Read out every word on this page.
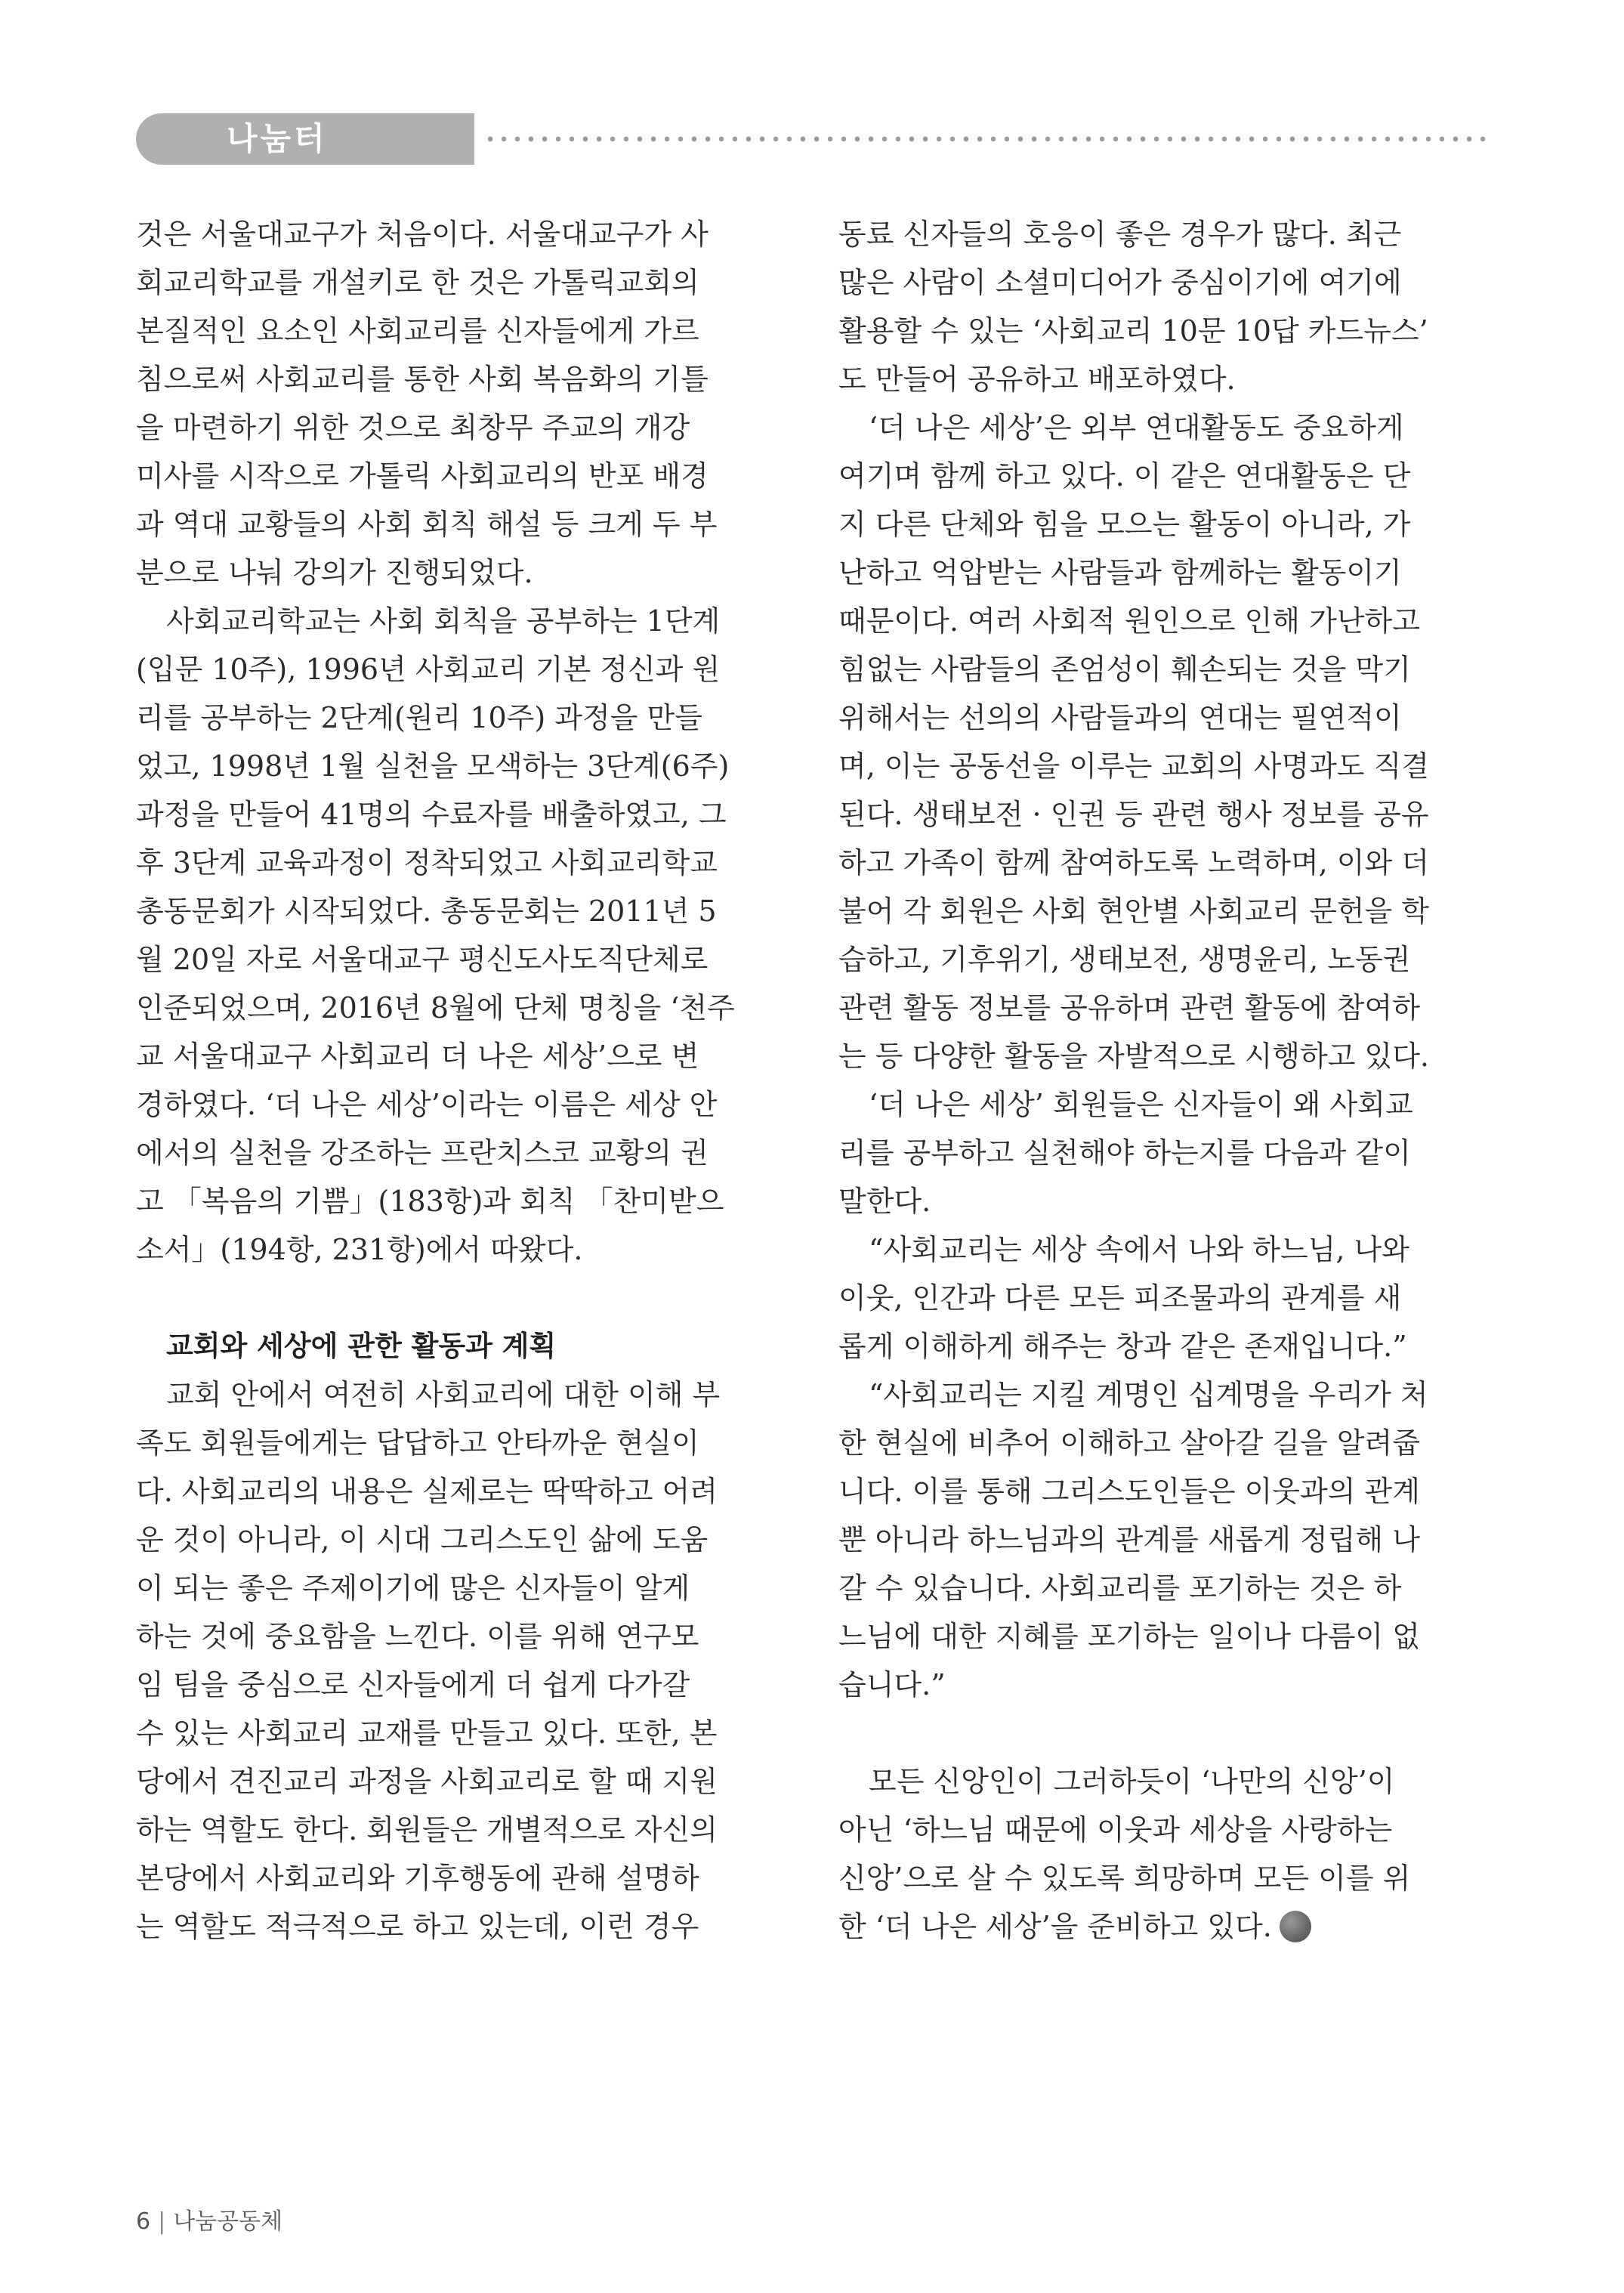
나눔터
것은 서울대교구가 처음이다. 서울대교구가 사
회교리학교를 개설키로 한 것은 가톨릭교회의
본질적인 요소인 사회교리를 신자들에게 가르
침으로써 사회교리를 통한 사회 복음화의 기틀
을 마련하기 위한 것으로 최창무 주교의 개강
미사를 시작으로 가톨릭 사회교리의 반포 배경
과 역대 교황들의 사회 회칙 해설 등 크게 두 부
분으로 나눠 강의가 진행되었다.
사회교리학교는 사회 회칙을 공부하는 1단계
(입문 10주), 1996년 사회교리 기본 정신과 원
리를 공부하는 2단계(원리 10주) 과정을 만들
었고, 1998년 1월 실천을 모색하는 3단계(6주)
과정을 만들어 41명의 수료자를 배출하였고, 그
후 3단계 교육과정이 정착되었고 사회교리학교
총동문회가 시작되었다. 총동문회는 2011년 5
월 20일 자로 서울대교구 평신도사도직단체로
인준되었으며, 2016년 8월에 단체 명칭을 ‘천주
교 서울대교구 사회교리 더 나은 세상’으로 변
경하였다. ‘더 나은 세상’이라는 이름은 세상 안
에서의 실천을 강조하는 프란치스코 교황의 권
고 「복음의 기쁨」(183항)과 회칙 「찬미받으
소서」(194항, 231항)에서 따왔다.
교회와 세상에 관한 활동과 계획
교회 안에서 여전히 사회교리에 대한 이해 부
족도 회원들에게는 답답하고 안타까운 현실이
다. 사회교리의 내용은 실제로는 딱딱하고 어려
운 것이 아니라, 이 시대 그리스도인 삶에 도움
이 되는 좋은 주제이기에 많은 신자들이 알게
하는 것에 중요함을 느낀다. 이를 위해 연구모
임 팀을 중심으로 신자들에게 더 쉽게 다가갈
수 있는 사회교리 교재를 만들고 있다. 또한, 본
당에서 견진교리 과정을 사회교리로 할 때 지원
하는 역할도 한다. 회원들은 개별적으로 자신의
본당에서 사회교리와 기후행동에 관해 설명하
는 역할도 적극적으로 하고 있는데, 이런 경우
동료 신자들의 호응이 좋은 경우가 많다. 최근
많은 사람이 소셜미디어가 중심이기에 여기에
활용할 수 있는 ‘사회교리 10문 10답 카드뉴스’
도 만들어 공유하고 배포하였다.
‘더 나은 세상’은 외부 연대활동도 중요하게
여기며 함께 하고 있다. 이 같은 연대활동은 단
지 다른 단체와 힘을 모으는 활동이 아니라, 가
난하고 억압받는 사람들과 함께하는 활동이기
때문이다. 여러 사회적 원인으로 인해 가난하고
힘없는 사람들의 존엄성이 훼손되는 것을 막기
위해서는 선의의 사람들과의 연대는 필연적이
며, 이는 공동선을 이루는 교회의 사명과도 직결
된다. 생태보전 · 인권 등 관련 행사 정보를 공유
하고 가족이 함께 참여하도록 노력하며, 이와 더
불어 각 회원은 사회 현안별 사회교리 문헌을 학
습하고, 기후위기, 생태보전, 생명윤리, 노동권
관련 활동 정보를 공유하며 관련 활동에 참여하
는 등 다양한 활동을 자발적으로 시행하고 있다.
‘더 나은 세상’ 회원들은 신자들이 왜 사회교
리를 공부하고 실천해야 하는지를 다음과 같이
말한다.
“사회교리는 세상 속에서 나와 하느님, 나와
이웃, 인간과 다른 모든 피조물과의 관계를 새
롭게 이해하게 해주는 창과 같은 존재입니다.”
“사회교리는 지킬 계명인 십계명을 우리가 처
한 현실에 비추어 이해하고 살아갈 길을 알려줍
니다. 이를 통해 그리스도인들은 이웃과의 관계
뿐 아니라 하느님과의 관계를 새롭게 정립해 나
갈 수 있습니다. 사회교리를 포기하는 것은 하
느님에 대한 지혜를 포기하는 일이나 다름이 없
습니다.”
모든 신앙인이 그러하듯이 ‘나만의 신앙’이
아닌 ‘하느님 때문에 이웃과 세상을 사랑하는
신앙’으로 살 수 있도록 희망하며 모든 이를 위
한 ‘더 나은 세상’을 준비하고 있다.
6 | 나눔공동체
